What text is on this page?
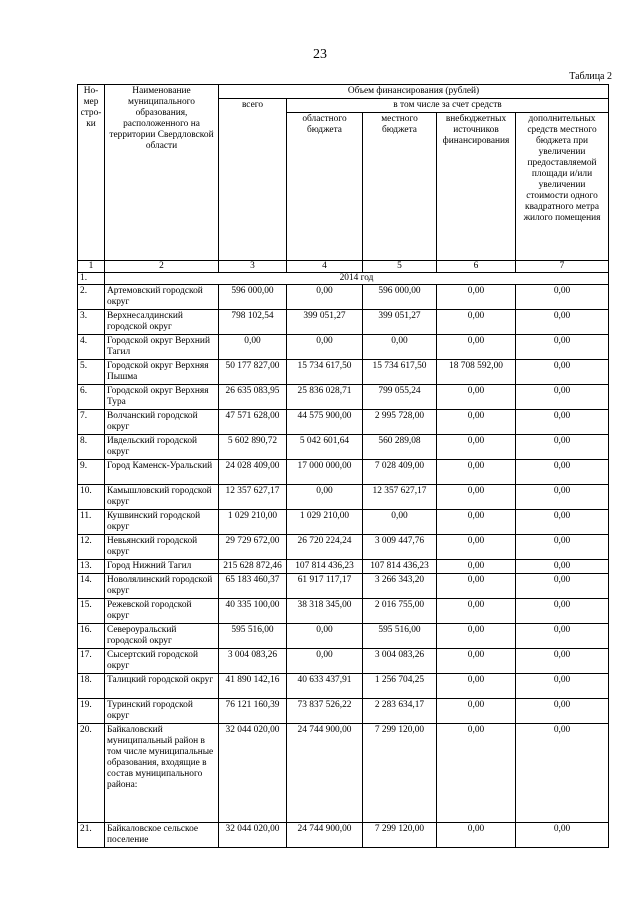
23
Таблица 2
Но-мер стро-ки	Наименование муниципального образования, расположенного на территории Свердловской области	Объем финансирования (рублей)				
		всего	в том числе за счет средств			
			областного бюджета	местного бюджета	внебюджетных источников финансирования	дополнительных средств местного бюджета при увеличении предоставляемой площади и/или увеличении стоимости одного квадратного метра жилого помещения
1	2	3	4	5	6	7
1.	2014 год					
2.	Артемовский городской округ	596 000,00	0,00	596 000,00	0,00	0,00
3.	Верхнесалдинский городской округ	798 102,54	399 051,27	399 051,27	0,00	0,00
4.	Городской округ Верхний Тагил	0,00	0,00	0,00	0,00	0,00
5.	Городской округ Верхняя Пышма	50 177 827,00	15 734 617,50	15 734 617,50	18 708 592,00	0,00
6.	Городской округ Верхняя Тура	26 635 083,95	25 836 028,71	799 055,24	0,00	0,00
7.	Волчанский городской округ	47 571 628,00	44 575 900,00	2 995 728,00	0,00	0,00
8.	Ивдельский городской округ	5 602 890,72	5 042 601,64	560 289,08	0,00	0,00
9.	Город Каменск-Уральский	24 028 409,00	17 000 000,00	7 028 409,00	0,00	0,00
10.	Камышловский городской округ	12 357 627,17	0,00	12 357 627,17	0,00	0,00
11.	Кушвинский городской округ	1 029 210,00	1 029 210,00	0,00	0,00	0,00
12.	Невьянский городской округ	29 729 672,00	26 720 224,24	3 009 447,76	0,00	0,00
13.	Город Нижний Тагил	215 628 872,46	107 814 436,23	107 814 436,23	0,00	0,00
14.	Новолялинский городской округ	65 183 460,37	61 917 117,17	3 266 343,20	0,00	0,00
15.	Режевской городской округ	40 335 100,00	38 318 345,00	2 016 755,00	0,00	0,00
16.	Североуральский городской округ	595 516,00	0,00	595 516,00	0,00	0,00
17.	Сысертский городской округ	3 004 083,26	0,00	3 004 083,26	0,00	0,00
18.	Талицкий городской округ	41 890 142,16	40 633 437,91	1 256 704,25	0,00	0,00
19.	Туринский городской округ	76 121 160,39	73 837 526,22	2 283 634,17	0,00	0,00
20.	Байкаловский муниципальный район в том числе муниципальные образования, входящие в состав муниципального района:	32 044 020,00	24 744 900,00	7 299 120,00	0,00	0,00
21.	Байкаловское сельское поселение	32 044 020,00	24 744 900,00	7 299 120,00	0,00	0,00
